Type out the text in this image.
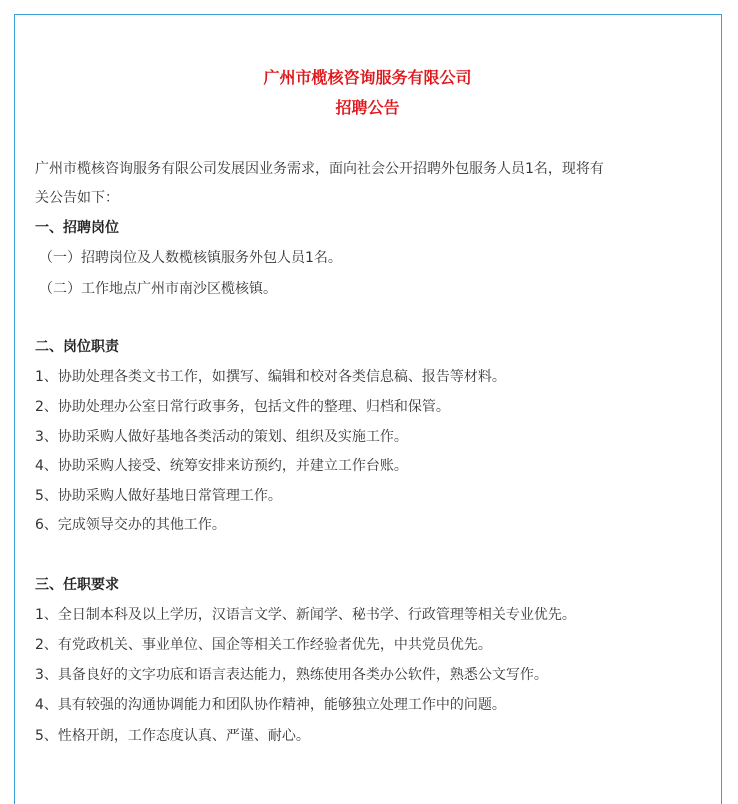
广州市榄核咨询服务有限公司

招聘公告

广州市榄核咨询服务有限公司发展因业务需求，面向社会公开招聘外包服务人员1名，现将有

关公告如下：

一、招聘岗位

（一）招聘岗位及人数榄核镇服务外包人员1名。

（二）工作地点广州市南沙区榄核镇。

二、岗位职责

1、协助处理各类文书工作，如撰写、编辑和校对各类信息稿、报告等材料。

2、协助处理办公室日常行政事务，包括文件的整理、归档和保管。

3、协助采购人做好基地各类活动的策划、组织及实施工作。

4、协助采购人接受、统筹安排来访预约，并建立工作台账。

5、协助采购人做好基地日常管理工作。

6、完成领导交办的其他工作。

三、任职要求

1、全日制本科及以上学历，汉语言文学、新闻学、秘书学、行政管理等相关专业优先。

2、有党政机关、事业单位、国企等相关工作经验者优先，中共党员优先。

3、具备良好的文字功底和语言表达能力，熟练使用各类办公软件，熟悉公文写作。

4、具有较强的沟通协调能力和团队协作精神，能够独立处理工作中的问题。

5、性格开朗，工作态度认真、严谨、耐心。
